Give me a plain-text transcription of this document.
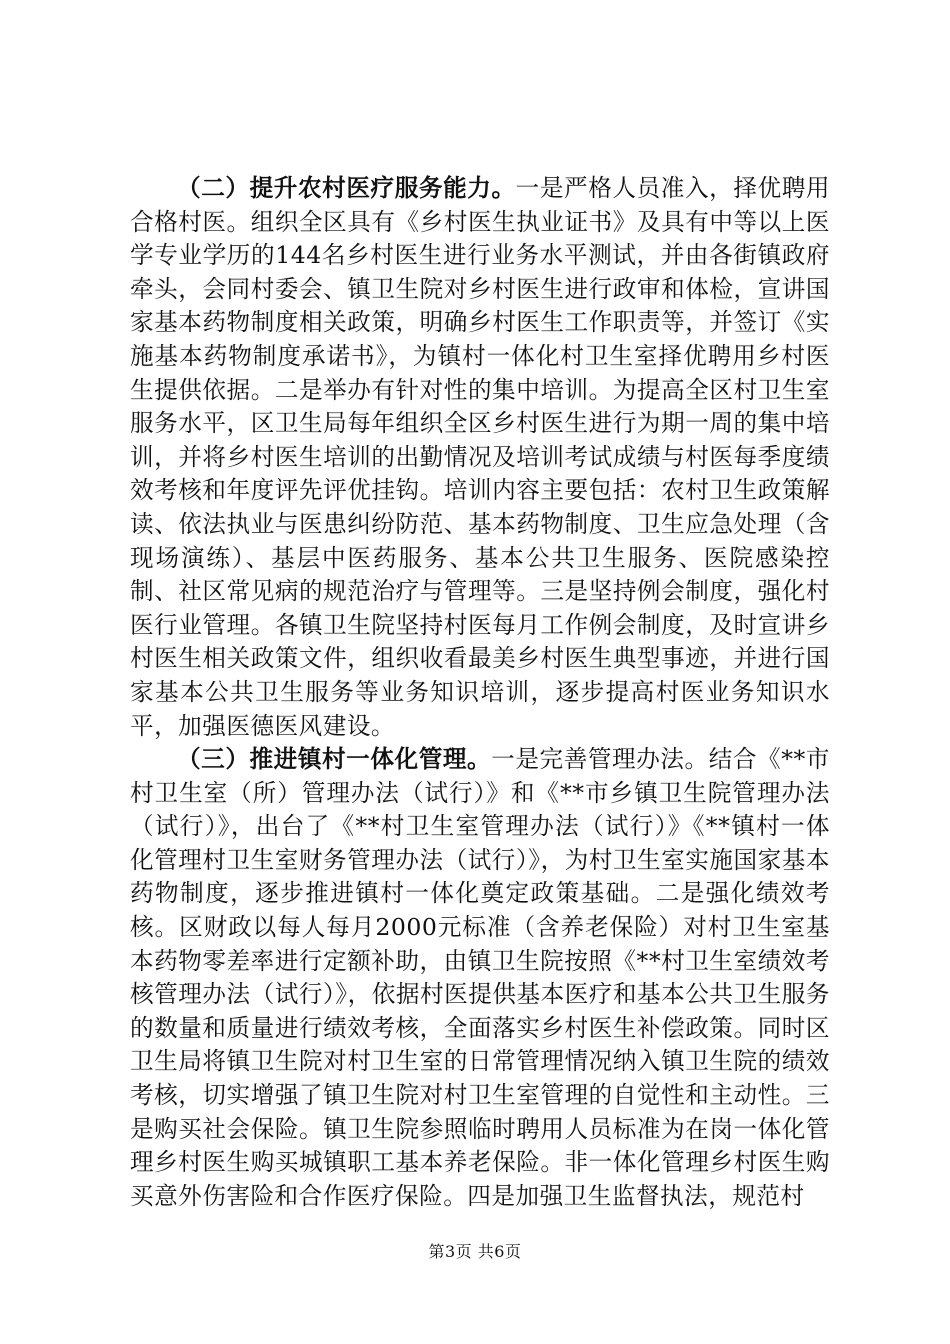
（二）提升农村医疗服务能力。一是严格人员准入，择优聘用合格村医。组织全区具有《乡村医生执业证书》及具有中等以上医学专业学历的144名乡村医生进行业务水平测试，并由各街镇政府牵头，会同村委会、镇卫生院对乡村医生进行政审和体检，宣讲国家基本药物制度相关政策，明确乡村医生工作职责等，并签订《实施基本药物制度承诺书》，为镇村一体化村卫生室择优聘用乡村医生提供依据。二是举办有针对性的集中培训。为提高全区村卫生室服务水平，区卫生局每年组织全区乡村医生进行为期一周的集中培训，并将乡村医生培训的出勤情况及培训考试成绩与村医每季度绩效考核和年度评先评优挂钩。培训内容主要包括：农村卫生政策解读、依法执业与医患纠纷防范、基本药物制度、卫生应急处理（含现场演练）、基层中医药服务、基本公共卫生服务、医院感染控制、社区常见病的规范治疗与管理等。三是坚持例会制度，强化村医行业管理。各镇卫生院坚持村医每月工作例会制度，及时宣讲乡村医生相关政策文件，组织收看最美乡村医生典型事迹，并进行国家基本公共卫生服务等业务知识培训，逐步提高村医业务知识水平，加强医德医风建设。

（三）推进镇村一体化管理。一是完善管理办法。结合《**市村卫生室（所）管理办法（试行）》和《**市乡镇卫生院管理办法（试行）》，出台了《**村卫生室管理办法（试行）》《**镇村一体化管理村卫生室财务管理办法（试行）》，为村卫生室实施国家基本药物制度，逐步推进镇村一体化奠定政策基础。二是强化绩效考核。区财政以每人每月2000元标准（含养老保险）对村卫生室基本药物零差率进行定额补助，由镇卫生院按照《**村卫生室绩效考核管理办法（试行）》，依据村医提供基本医疗和基本公共卫生服务的数量和质量进行绩效考核，全面落实乡村医生补偿政策。同时区卫生局将镇卫生院对村卫生室的日常管理情况纳入镇卫生院的绩效考核，切实增强了镇卫生院对村卫生室管理的自觉性和主动性。三是购买社会保险。镇卫生院参照临时聘用人员标准为在岗一体化管理乡村医生购买城镇职工基本养老保险。非一体化管理乡村医生购买意外伤害险和合作医疗保险。四是加强卫生监督执法，规范村

第3页 共6页
